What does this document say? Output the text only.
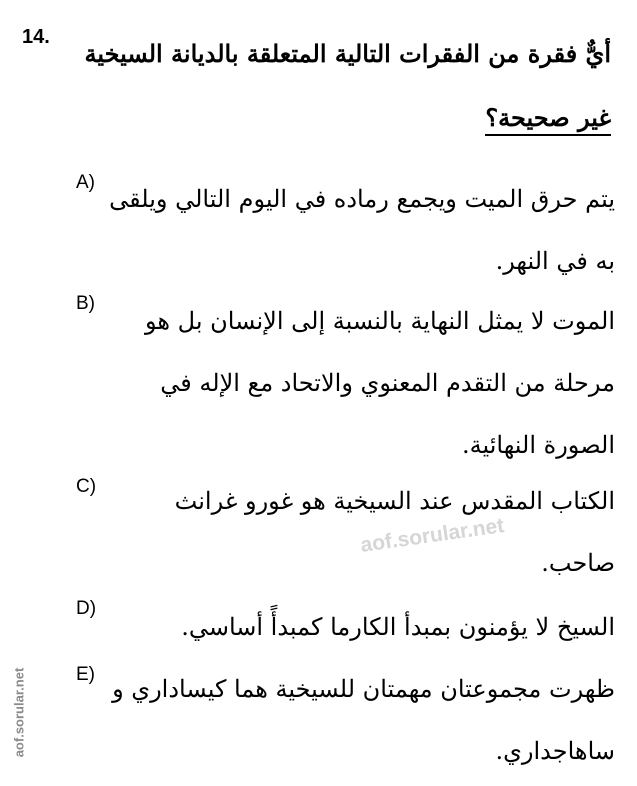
14.
أيٌّ فقرة من الفقرات التالية المتعلقة بالديانة السيخية
غير صحيحة؟
A)
يتم حرق الميت ويجمع رماده في اليوم التالي ويلقى به في النهر.
B)
الموت لا يمثل النهاية بالنسبة إلى الإنسان بل هو مرحلة من التقدم المعنوي والاتحاد مع الإله في الصورة النهائية.
C)
الكتاب المقدس عند السيخية هو غورو غرانث صاحب.
D)
السيخ لا يؤمنون بمبدأ الكارما كمبدأً أساسي.
E)
ظهرت مجموعتان مهمتان للسيخية هما كيساداري و ساهاجداري.
aof.sorular.net
aof.sorular.net
